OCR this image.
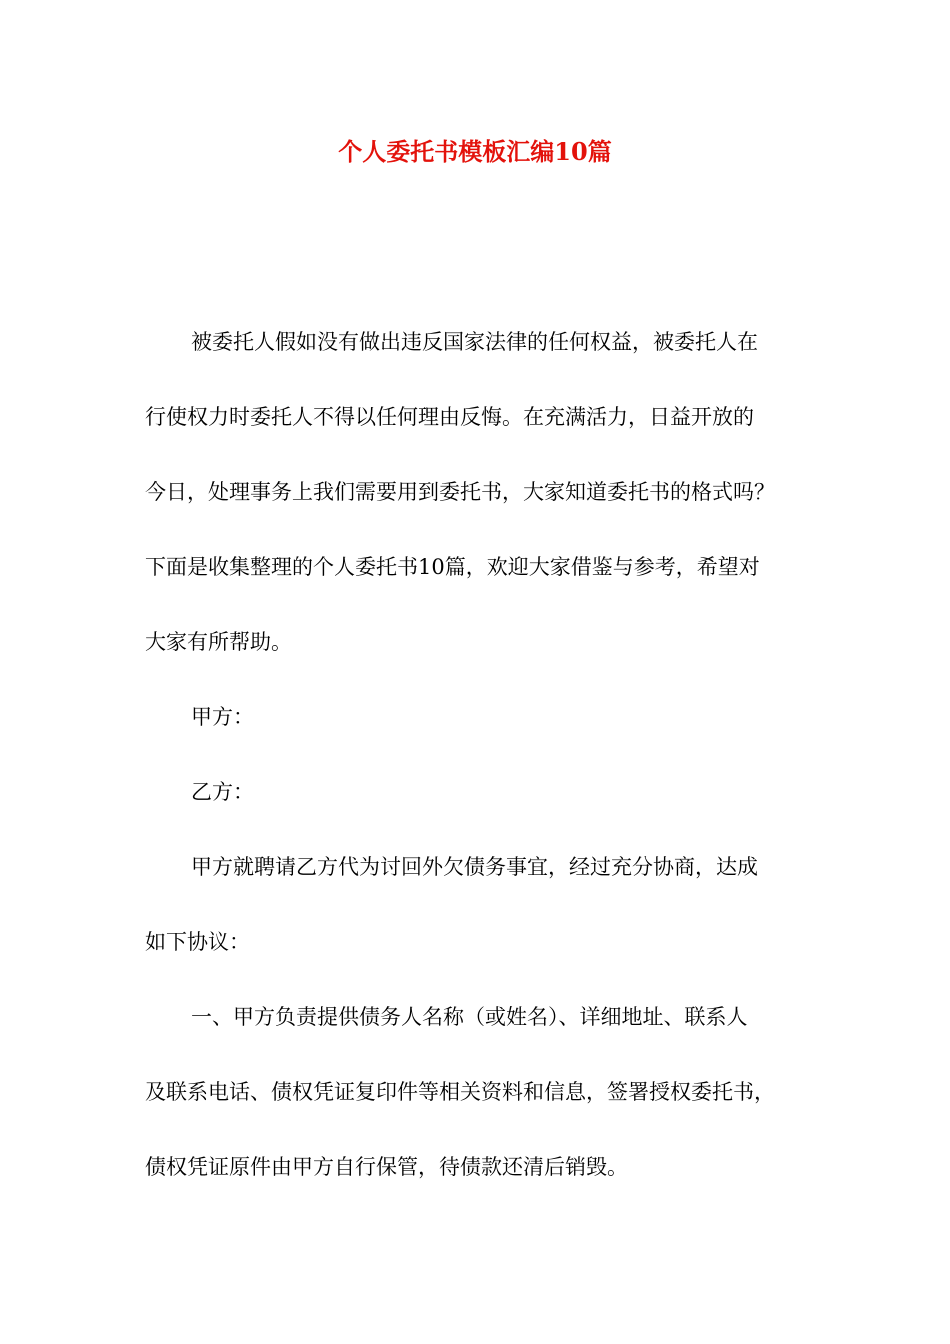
个人委托书模板汇编10篇

被委托人假如没有做出违反国家法律的任何权益，被委托人在

行使权力时委托人不得以任何理由反悔。在充满活力，日益开放的

今日，处理事务上我们需要用到委托书，大家知道委托书的格式吗？

下面是收集整理的个人委托书10篇，欢迎大家借鉴与参考，希望对

大家有所帮助。

甲方：

乙方：

甲方就聘请乙方代为讨回外欠债务事宜，经过充分协商，达成

如下协议：

一、甲方负责提供债务人名称（或姓名）、详细地址、联系人

及联系电话、债权凭证复印件等相关资料和信息，签署授权委托书，

债权凭证原件由甲方自行保管，待债款还清后销毁。
